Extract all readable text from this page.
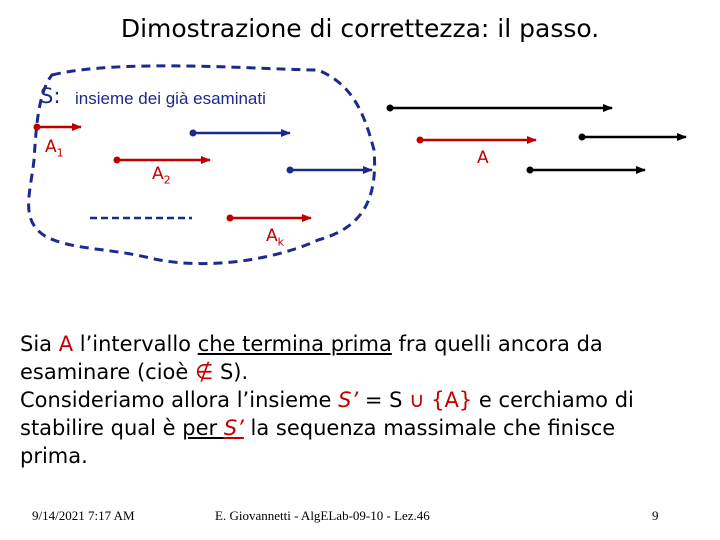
Dimostrazione di correttezza: il passo.
S: insieme dei già esaminati
$A_1$
$A_2$
$A_k$
A
Sia A l’intervallo che termina prima fra quelli ancora da esaminare (cioè ∉ S).
Consideriamo allora l’insieme S’ = S ∪ {A} e cerchiamo di stabilire qual è per S’ la sequenza massimale che finisce prima.
9/14/2021 7:17 AM	E. Giovannetti - AlgELab-09-10 - Lez.46	9
